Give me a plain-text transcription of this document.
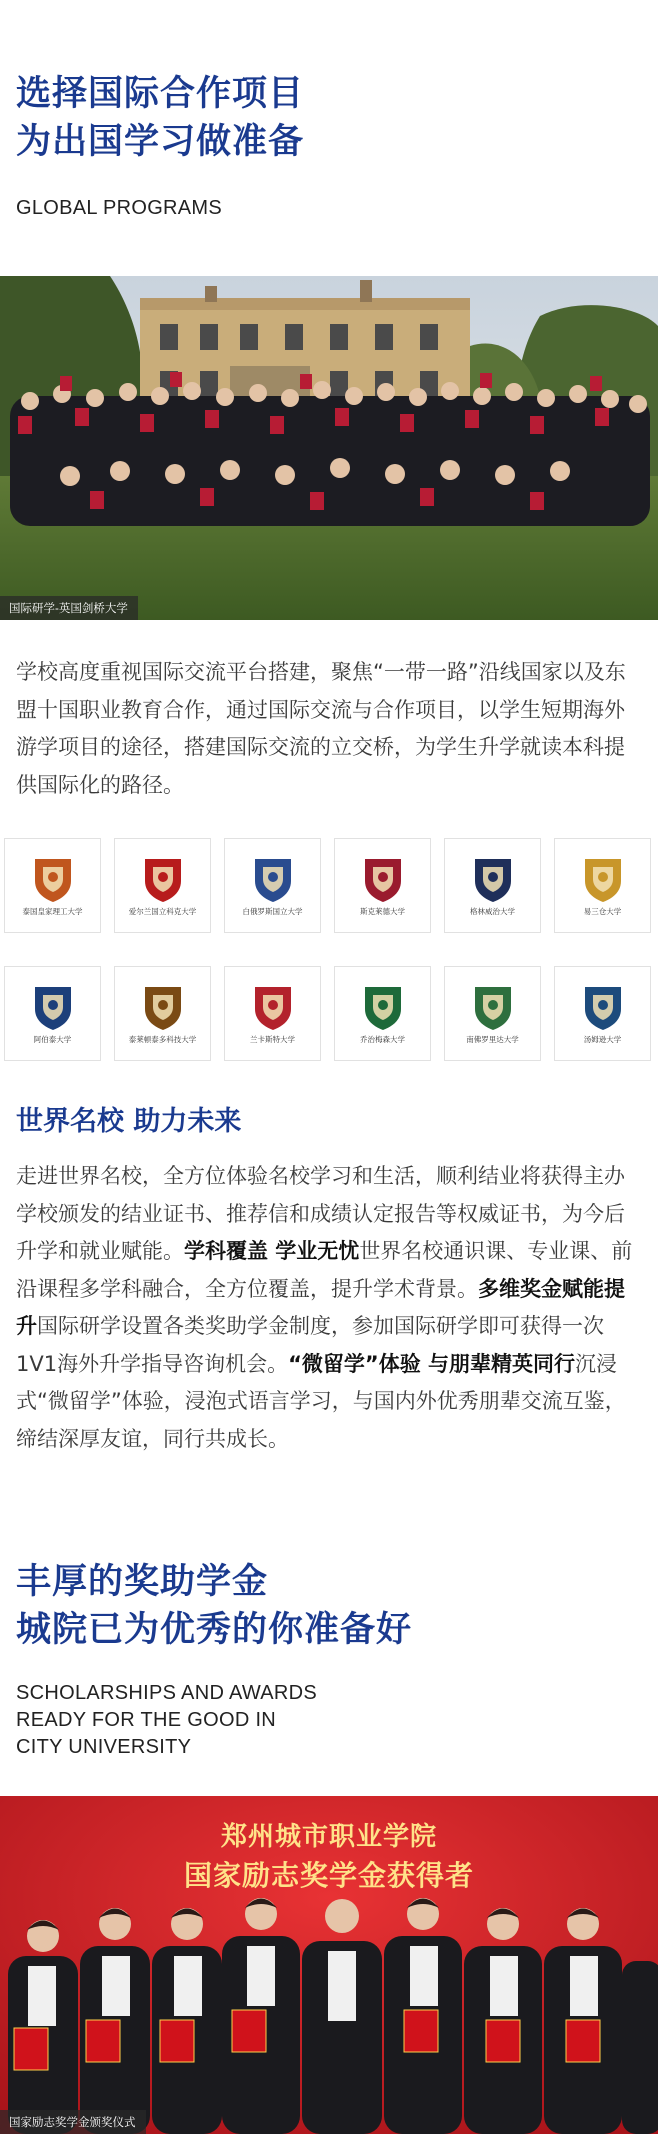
选择国际合作项目
为出国学习做准备
GLOBAL PROGRAMS
国际研学-英国剑桥大学
学校高度重视国际交流平台搭建，聚焦“一带一路”沿线国家以及东盟十国职业教育合作，通过国际交流与合作项目，以学生短期海外游学项目的途径，搭建国际交流的立交桥，为学生升学就读本科提供国际化的路径。
泰国皇家理工大学	爱尔兰国立科克大学	白俄罗斯国立大学	斯克莱德大学	格林威治大学	易三仓大学
阿伯泰大学	泰莱頓泰多科技大学	兰卡斯特大学	乔治梅森大学	南佛罗里达大学	汤姆逊大学
世界名校 助力未来
走进世界名校，全方位体验名校学习和生活，顺利结业将获得主办学校颁发的结业证书、推荐信和成绩认定报告等权威证书，为今后升学和就业赋能。学科覆盖 学业无忧世界名校通识课、专业课、前沿课程多学科融合，全方位覆盖，提升学术背景。多维奖金赋能提升国际研学设置各类奖助学金制度，参加国际研学即可获得一次1V1海外升学指导咨询机会。“微留学”体验 与朋辈精英同行沉浸式“微留学”体验，浸泡式语言学习，与国内外优秀朋辈交流互鉴，缔结深厚友谊，同行共成长。
丰厚的奖助学金
城院已为优秀的你准备好
SCHOLARSHIPS AND AWARDS
READY FOR THE GOOD IN
CITY UNIVERSITY
郑州城市职业学院
国家励志奖学金获得者
国家励志奖学金颁奖仪式
